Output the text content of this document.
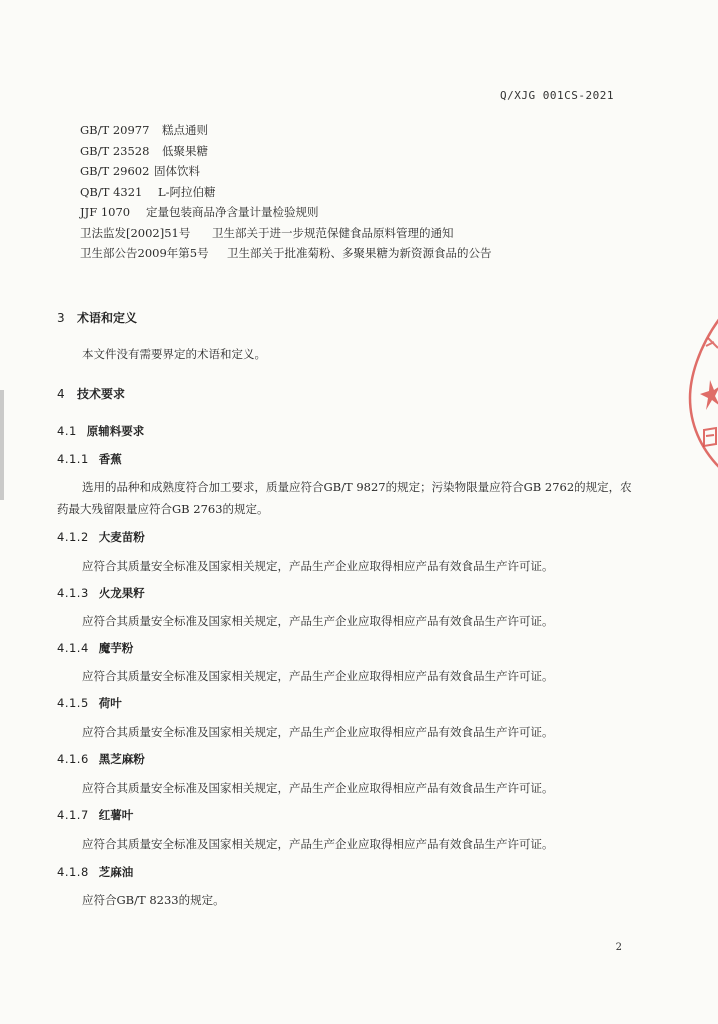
Q/XJG 001CS-2021
GB/T 20977 糕点通则
GB/T 23528 低聚果糖
GB/T 29602 固体饮料
QB/T 4321 L-阿拉伯糖
JJF 1070 定量包装商品净含量计量检验规则
卫法监发[2002]51号 卫生部关于进一步规范保健食品原料管理的通知
卫生部公告2009年第5号 卫生部关于批准菊粉、多聚果糖为新资源食品的公告
3 术语和定义
本文件没有需要界定的术语和定义。
4 技术要求
4.1 原辅料要求
4.1.1 香蕉
选用的品种和成熟度符合加工要求，质量应符合GB/T 9827的规定；污染物限量应符合GB 2762的规定，农药最大残留限量应符合GB 2763的规定。
4.1.2 大麦苗粉
应符合其质量安全标准及国家相关规定，产品生产企业应取得相应产品有效食品生产许可证。
4.1.3 火龙果籽
应符合其质量安全标准及国家相关规定，产品生产企业应取得相应产品有效食品生产许可证。
4.1.4 魔芋粉
应符合其质量安全标准及国家相关规定，产品生产企业应取得相应产品有效食品生产许可证。
4.1.5 荷叶
应符合其质量安全标准及国家相关规定，产品生产企业应取得相应产品有效食品生产许可证。
4.1.6 黑芝麻粉
应符合其质量安全标准及国家相关规定，产品生产企业应取得相应产品有效食品生产许可证。
4.1.7 红薯叶
应符合其质量安全标准及国家相关规定，产品生产企业应取得相应产品有效食品生产许可证。
4.1.8 芝麻油
应符合GB/T 8233的规定。
2
